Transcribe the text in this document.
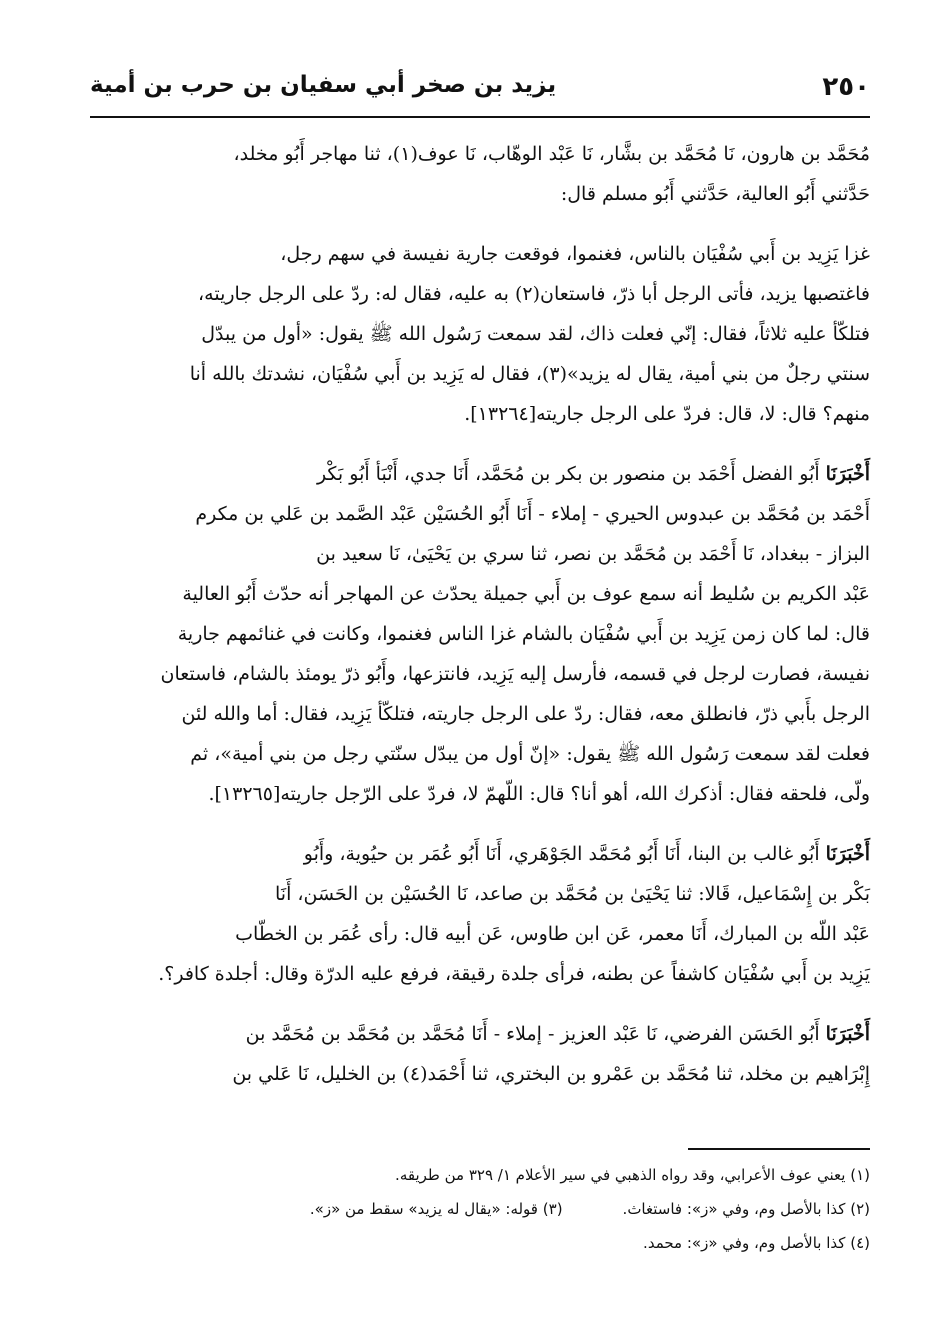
٢٥٠
يزيد بن صخر أبي سفيان بن حرب بن أمية

مُحَمَّد بن هارون، نَا مُحَمَّد بن بشَّار، نَا عَبْد الوهّاب، نَا عوف(١)، ثنا مهاجر أَبُو مخلد،

حَدَّثني أَبُو العالية، حَدَّثني أَبُو مسلم قال:

غزا يَزِيد بن أَبي سُفْيَان بالناس، فغنموا، فوقعت جارية نفيسة في سهم رجل،

فاغتصبها يزيد، فأتى الرجل أبا ذرّ، فاستعان(٢) به عليه، فقال له: ردّ على الرجل جاريته،

فتلكّأ عليه ثلاثاً، فقال: إنّي فعلت ذاك، لقد سمعت رَسُول الله ﷺ يقول: «أول من يبدّل

سنتي رجلٌ من بني أمية، يقال له يزيد»(٣)، فقال له يَزِيد بن أَبي سُفْيَان، نشدتك بالله أنا

منهم؟ قال: لا، قال: فردّ على الرجل جاريته[١٣٢٦٤].

أَخْبَرَنَا أَبُو الفضل أَحْمَد بن منصور بن بكر بن مُحَمَّد، أَنَا جدي، أَنْبَأ أَبُو بَكْر

أَحْمَد بن مُحَمَّد بن عبدوس الحيري - إملاء - أَنَا أَبُو الحُسَيْن عَبْد الصَّمد بن عَلي بن مكرم

البزاز - ببغداد، نَا أَحْمَد بن مُحَمَّد بن نصر، ثنا سري بن يَحْيَىٰ، نَا سعيد بن

عَبْد الكريم بن سُليط أنه سمع عوف بن أَبي جميلة يحدّث عن المهاجر أنه حدّث أَبُو العالية

قال: لما كان زمن يَزِيد بن أَبي سُفْيَان بالشام غزا الناس فغنموا، وكانت في غنائمهم جارية

نفيسة، فصارت لرجل في قسمه، فأرسل إليه يَزِيد، فانتزعها، وأَبُو ذرّ يومئذ بالشام، فاستعان

الرجل بأَبي ذرّ، فانطلق معه، فقال: ردّ على الرجل جاريته، فتلكّأ يَزِيد، فقال: أما والله لئن

فعلت لقد سمعت رَسُول الله ﷺ يقول: «إنّ أول من يبدّل سنّتي رجل من بني أمية»، ثم

ولّى، فلحقه فقال: أذكرك الله، أهو أنا؟ قال: اللّهمّ لا، فردّ على الرّجل جاريته[١٣٢٦٥].

أَخْبَرَنَا أَبُو غالب بن البنا، أَنَا أَبُو مُحَمَّد الجَوْهَري، أَنَا أَبُو عُمَر بن حيُوية، وأَبُو

بَكْر بن إِسْمَاعيل، قَالا: ثنا يَحْيَىٰ بن مُحَمَّد بن صاعد، نَا الحُسَيْن بن الحَسَن، أَنَا

عَبْد اللّه بن المبارك، أَنَا معمر، عَن ابن طاوس، عَن أبيه قال: رأى عُمَر بن الخطّاب

يَزِيد بن أَبي سُفْيَان كاشفاً عن بطنه، فرأى جلدة رقيقة، فرفع عليه الدرّة وقال: أجلدة كافر؟.

أَخْبَرَنَا أَبُو الحَسَن الفرضي، نَا عَبْد العزيز - إملاء - أَنَا مُحَمَّد بن مُحَمَّد بن مُحَمَّد بن

إِبْرَاهيم بن مخلد، ثنا مُحَمَّد بن عَمْرو بن البختري، ثنا أَحْمَد(٤) بن الخليل، نَا عَلي بن

(١) يعني عوف الأعرابي، وقد رواه الذهبي في سير الأعلام ١/ ٣٢٩ من طريقه.
(٢) كذا بالأصل وم، وفي «ز»: فاستغاث.
(٣) قوله: «يقال له يزيد» سقط من «ز».
(٤) كذا بالأصل وم، وفي «ز»: محمد.
